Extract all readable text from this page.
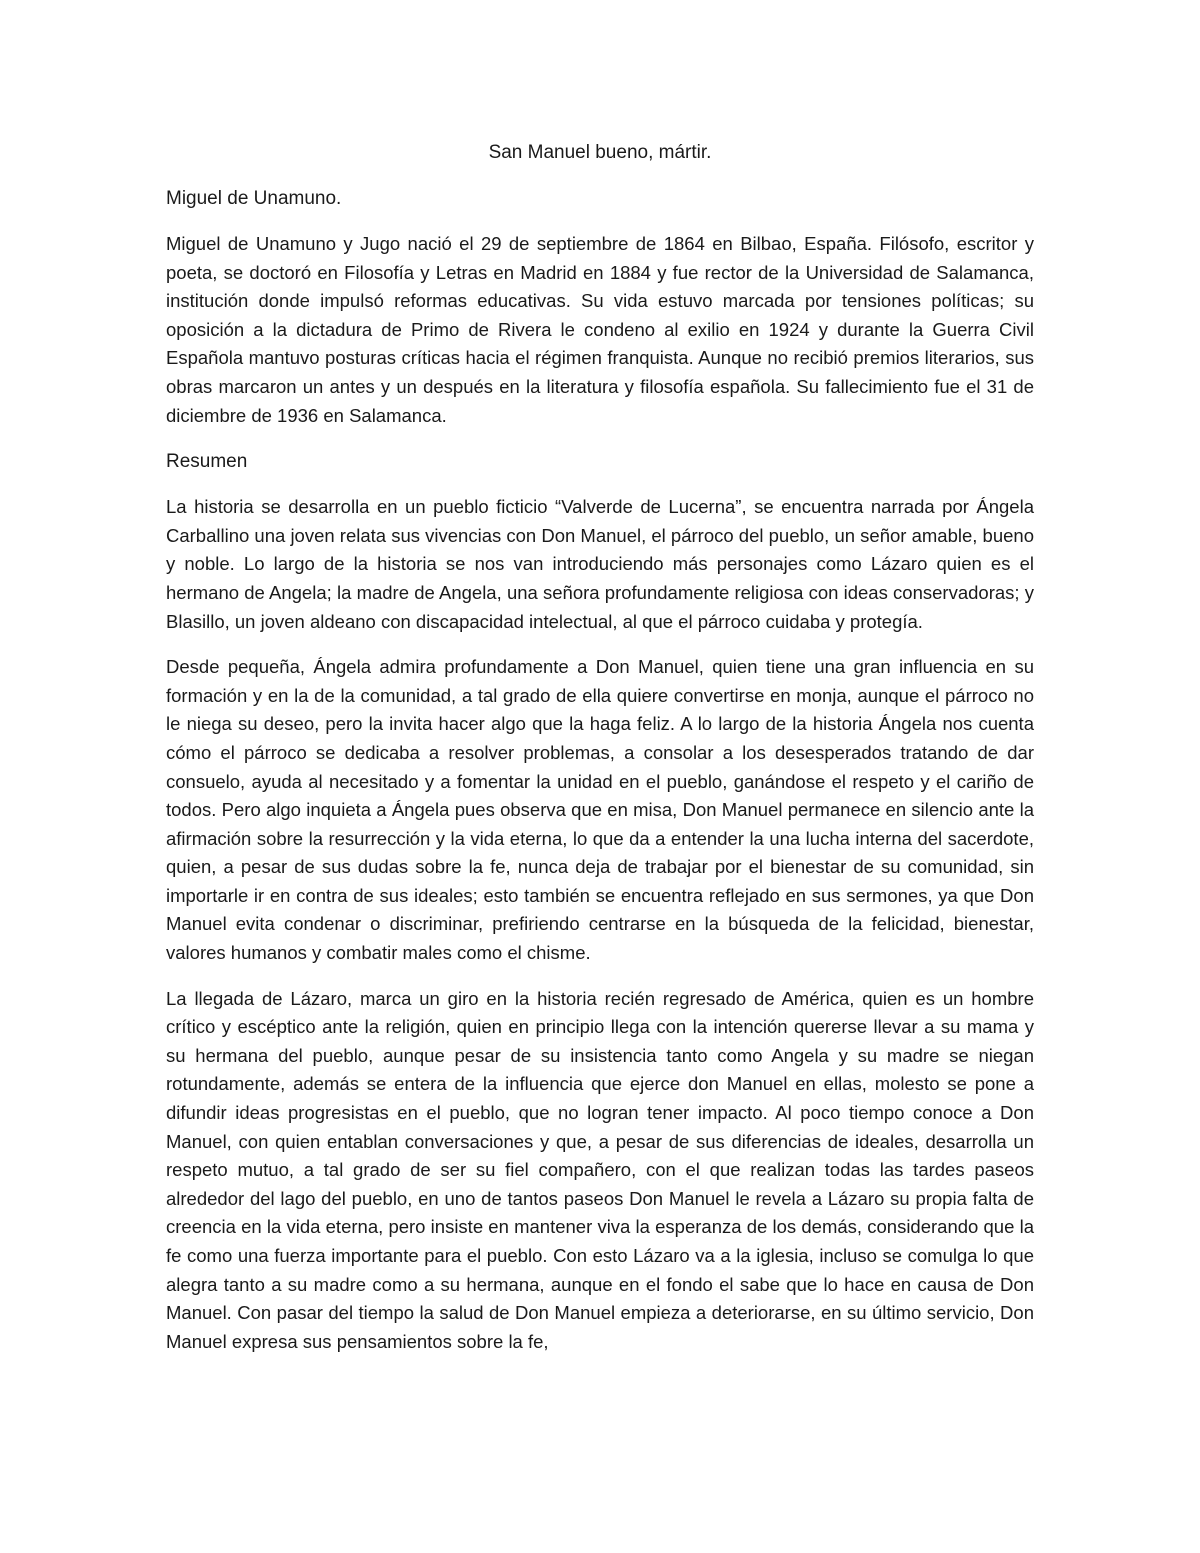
San Manuel bueno, mártir.
Miguel de Unamuno.
Miguel de Unamuno y Jugo nació el 29 de septiembre de 1864 en Bilbao, España. Filósofo, escritor y poeta, se doctoró en Filosofía y Letras en Madrid en 1884 y fue rector de la Universidad de Salamanca, institución donde impulsó reformas educativas. Su vida estuvo marcada por tensiones políticas; su oposición a la dictadura de Primo de Rivera le condeno al exilio en 1924 y durante la Guerra Civil Española mantuvo posturas críticas hacia el régimen franquista. Aunque no recibió premios literarios, sus obras marcaron un antes y un después en la literatura y filosofía española. Su fallecimiento fue el 31 de diciembre de 1936 en Salamanca.
Resumen
La historia se desarrolla en un pueblo ficticio “Valverde de Lucerna”, se encuentra narrada por Ángela Carballino una joven relata sus vivencias con Don Manuel, el párroco del pueblo, un señor amable, bueno y noble. Lo largo de la historia se nos van introduciendo más personajes como Lázaro quien es el hermano de Angela; la madre de Angela, una señora profundamente religiosa con ideas conservadoras; y Blasillo, un joven aldeano con discapacidad intelectual, al que el párroco cuidaba y protegía.
Desde pequeña, Ángela admira profundamente a Don Manuel, quien tiene una gran influencia en su formación y en la de la comunidad, a tal grado de ella quiere convertirse en monja, aunque el párroco no le niega su deseo, pero la invita hacer algo que la haga feliz. A lo largo de la historia Ángela nos cuenta cómo el párroco se dedicaba a resolver problemas, a consolar a los desesperados tratando de dar consuelo, ayuda al necesitado y a fomentar la unidad en el pueblo, ganándose el respeto y el cariño de todos. Pero algo inquieta a Ángela pues observa que en misa, Don Manuel permanece en silencio ante la afirmación sobre la resurrección y la vida eterna, lo que da a entender la una lucha interna del sacerdote, quien, a pesar de sus dudas sobre la fe, nunca deja de trabajar por el bienestar de su comunidad, sin importarle ir en contra de sus ideales; esto también se encuentra reflejado en sus sermones, ya que Don Manuel evita condenar o discriminar, prefiriendo centrarse en la búsqueda de la felicidad, bienestar, valores humanos y combatir males como el chisme.
La llegada de Lázaro, marca un giro en la historia recién regresado de América, quien es un hombre crítico y escéptico ante la religión, quien en principio llega con la intención quererse llevar a su mama y su hermana del pueblo, aunque pesar de su insistencia tanto como Angela y su madre se niegan rotundamente, además se entera de la influencia que ejerce don Manuel en ellas, molesto se pone a difundir ideas progresistas en el pueblo, que no logran tener impacto. Al poco tiempo conoce a Don Manuel, con quien entablan conversaciones y que, a pesar de sus diferencias de ideales, desarrolla un respeto mutuo, a tal grado de ser su fiel compañero, con el que realizan todas las tardes paseos alrededor del lago del pueblo, en uno de tantos paseos Don Manuel le revela a Lázaro su propia falta de creencia en la vida eterna, pero insiste en mantener viva la esperanza de los demás, considerando que la fe como una fuerza importante para el pueblo. Con esto Lázaro va a la iglesia, incluso se comulga lo que alegra tanto a su madre como a su hermana, aunque en el fondo el sabe que lo hace en causa de Don Manuel. Con pasar del tiempo la salud de Don Manuel empieza a deteriorarse, en su último servicio, Don Manuel expresa sus pensamientos sobre la fe,
